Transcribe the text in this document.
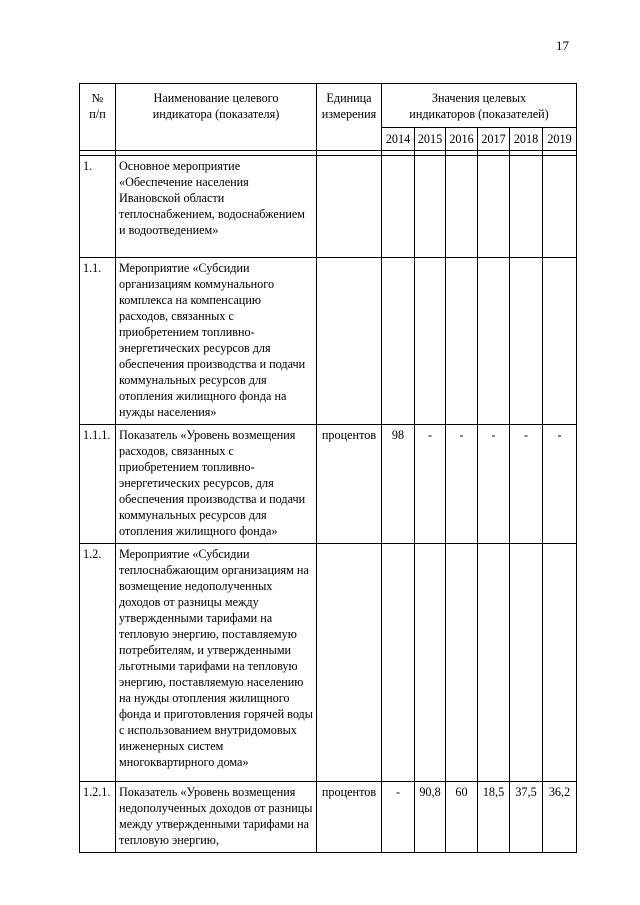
17
№
п/п	Наименование целевого индикатора (показателя)	Единица измерения	Значения целевых индикаторов (показателей)					
			2014	2015	2016	2017	2018	2019

1.	Основное мероприятие «Обеспечение населения Ивановской области теплоснабжением, водоснабжением и водоотведением»							
1.1.	Мероприятие «Субсидии организациям коммунального комплекса на компенсацию расходов, связанных с приобретением топливно-энергетических ресурсов для обеспечения производства и подачи коммунальных ресурсов для отопления жилищного фонда на нужды населения»							
1.1.1.	Показатель «Уровень возмещения расходов, связанных с приобретением топливно-энергетических ресурсов, для обеспечения производства и подачи коммунальных ресурсов для отопления жилищного фонда»	процентов	98	-	-	-	-	-
1.2.	Мероприятие «Субсидии теплоснабжающим организациям на возмещение недополученных доходов от разницы между утвержденными тарифами на тепловую энергию, поставляемую потребителям, и утвержденными льготными тарифами на тепловую энергию, поставляемую населению на нужды отопления жилищного фонда и приготовления горячей воды с использованием внутридомовых инженерных систем многоквартирного дома»							
1.2.1.	Показатель «Уровень возмещения недополученных доходов от разницы между утвержденными тарифами на тепловую энергию,	процентов	-	90,8	60	18,5	37,5	36,2
